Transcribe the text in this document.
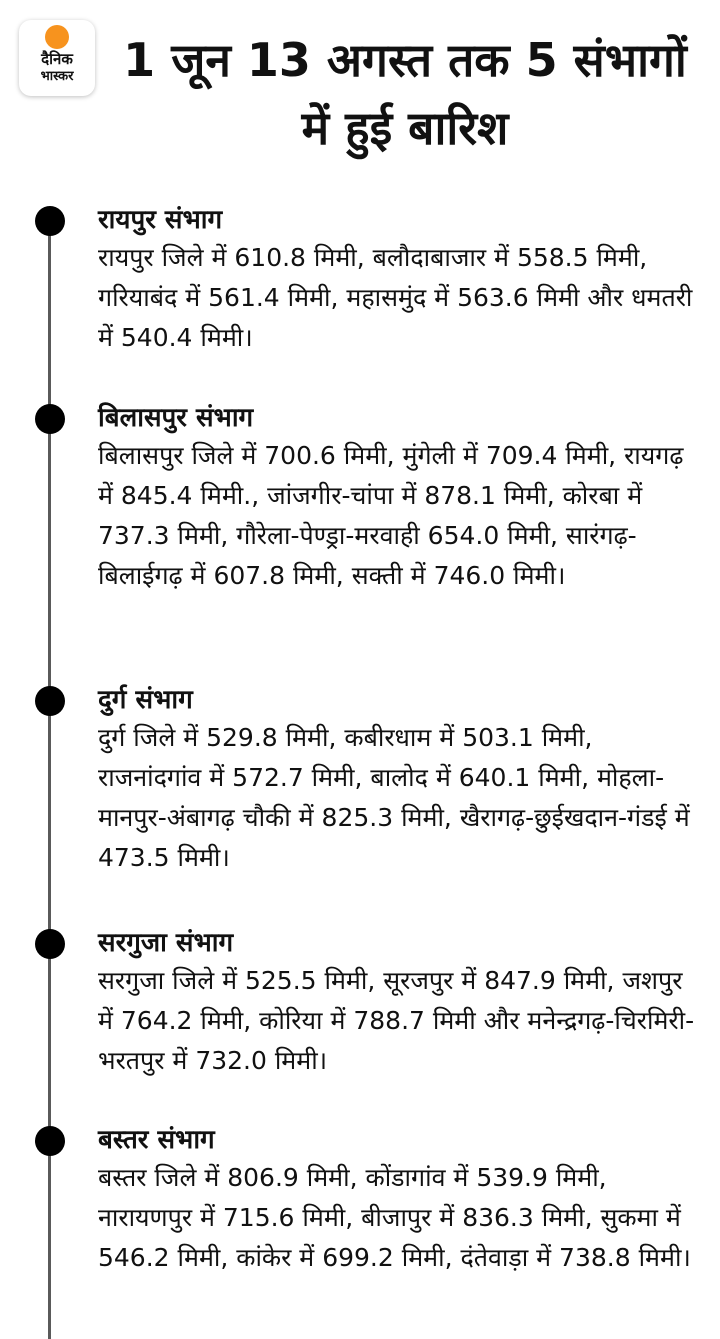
दैनिक
भास्कर	1 जून 13 अगस्त तक 5 संभागों में हुई बारिश
रायपुर संभाग

रायपुर जिले में 610.8 मिमी, बलौदाबाजार में 558.5 मिमी, गरियाबंद में 561.4 मिमी, महासमुंद में 563.6 मिमी और धमतरी में 540.4 मिमी।

बिलासपुर संभाग

बिलासपुर जिले में 700.6 मिमी, मुंगेली में 709.4 मिमी, रायगढ़ में 845.4 मिमी., जांजगीर-चांपा में 878.1 मिमी, कोरबा में 737.3 मिमी, गौरेला-पेण्ड्रा-मरवाही 654.0 मिमी, सारंगढ़-बिलाईगढ़ में 607.8 मिमी, सक्ती में 746.0 मिमी।

दुर्ग संभाग

दुर्ग जिले में 529.8 मिमी, कबीरधाम में 503.1 मिमी, राजनांदगांव में 572.7 मिमी, बालोद में 640.1 मिमी, मोहला-मानपुर-अंबागढ़ चौकी में 825.3 मिमी, खैरागढ़-छुईखदान-गंडई में 473.5 मिमी।

सरगुजा संभाग

सरगुजा जिले में 525.5 मिमी, सूरजपुर में 847.9 मिमी, जशपुर में 764.2 मिमी, कोरिया में 788.7 मिमी और मनेन्द्रगढ़-चिरमिरी-भरतपुर में 732.0 मिमी।

बस्तर संभाग

बस्तर जिले में 806.9 मिमी, कोंडागांव में 539.9 मिमी, नारायणपुर में 715.6 मिमी, बीजापुर में 836.3 मिमी, सुकमा में 546.2 मिमी, कांकेर में 699.2 मिमी, दंतेवाड़ा में 738.8 मिमी।
